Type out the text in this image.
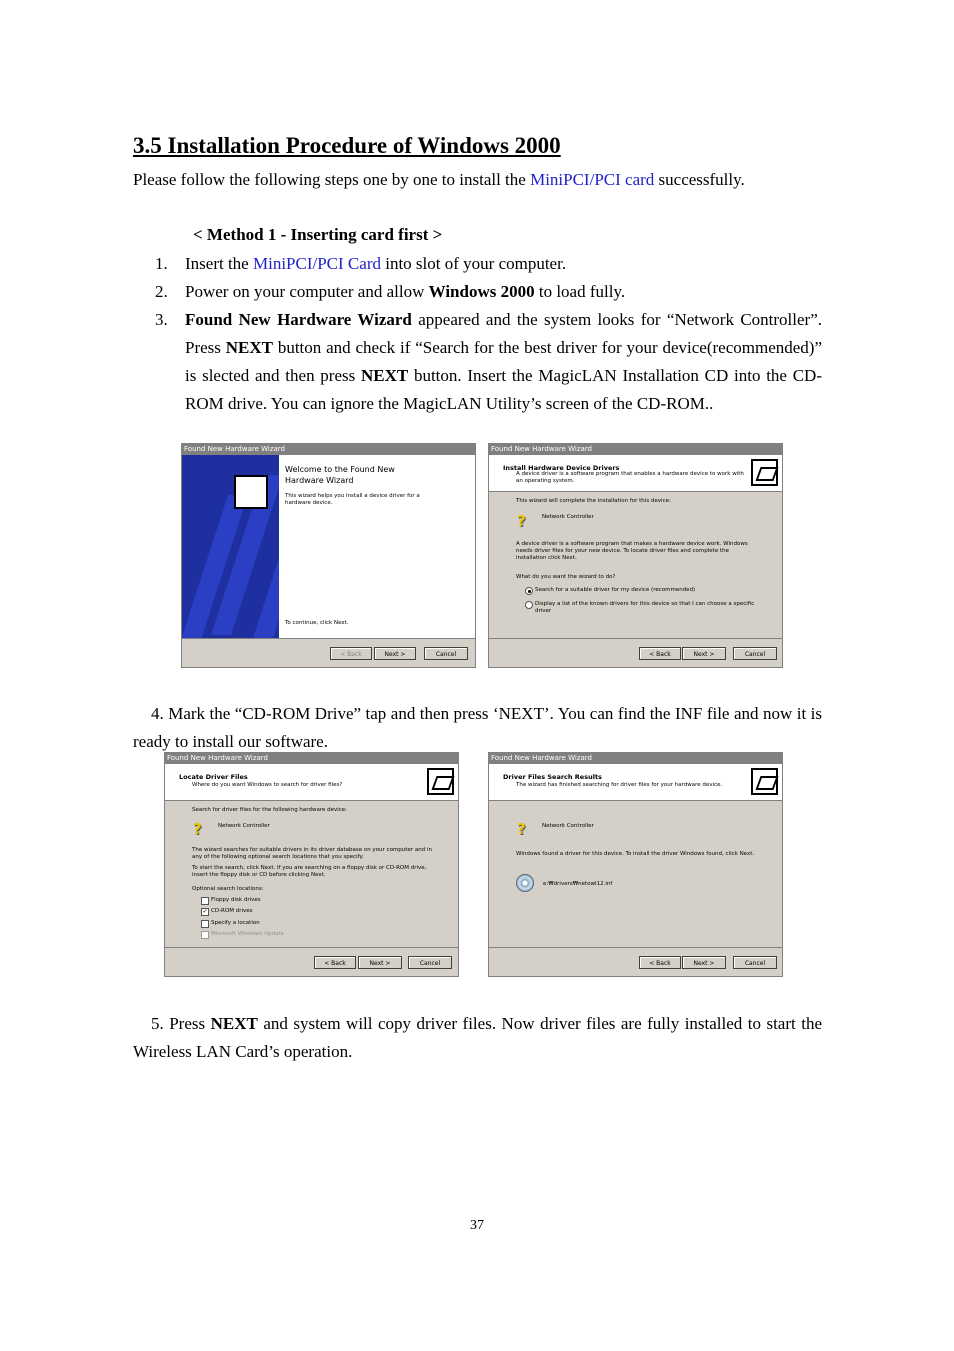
3.5 Installation Procedure of Windows 2000
Please follow the following steps one by one to install the MiniPCI/PCI card successfully.
< Method 1 - Inserting card first >
1. Insert the MiniPCI/PCI Card into slot of your computer.
2. Power on your computer and allow Windows 2000 to load fully.
3. Found New Hardware Wizard appeared and the system looks for “Network Controller”. Press NEXT button and check if “Search for the best driver for your device(recommended)” is slected and then press NEXT button. Insert the MagicLAN Installation CD into the CD-ROM drive. You can ignore the MagicLAN Utility’s screen of the CD-ROM..
Found New Hardware Wizard
Welcome to the Found New
Hardware Wizard
This wizard helps you install a device driver for a
hardware device.
To continue, click Next.
< Back	Next >	Cancel
Found New Hardware Wizard
Install Hardware Device Drivers
A device driver is a software program that enables a hardware device to work with
an operating system.
This wizard will complete the installation for this device:
?	Network Controller
A device driver is a software program that makes a hardware device work. Windows
needs driver files for your new device. To locate driver files and complete the
installation click Next.
What do you want the wizard to do?
Search for a suitable driver for my device (recommended)
Display a list of the known drivers for this device so that I can choose a specific
driver
< Back	Next >	Cancel
4. Mark the “CD-ROM Drive” tap and then press ‘NEXT’. You can find the INF file and now it is ready to install our software.
Found New Hardware Wizard
Locate Driver Files
Where do you want Windows to search for driver files?
Search for driver files for the following hardware device:
?	Network Controller
The wizard searches for suitable drivers in its driver database on your computer and in
any of the following optional search locations that you specify.
To start the search, click Next. If you are searching on a floppy disk or CD-ROM drive,
insert the floppy disk or CD before clicking Next.
Optional search locations:
Floppy disk drives
✓ CD-ROM drives
Specify a location
Microsoft Windows Update
< Back	Next >	Cancel
Found New Hardware Wizard
Driver Files Search Results
The wizard has finished searching for driver files for your hardware device.
?	Network Controller
Windows found a driver for this device. To install the driver Windows found, click Next.
e:₩drivers₩netowl12.inf
< Back	Next >	Cancel
5. Press NEXT and system will copy driver files. Now driver files are fully installed to start the Wireless LAN Card’s operation.
37
